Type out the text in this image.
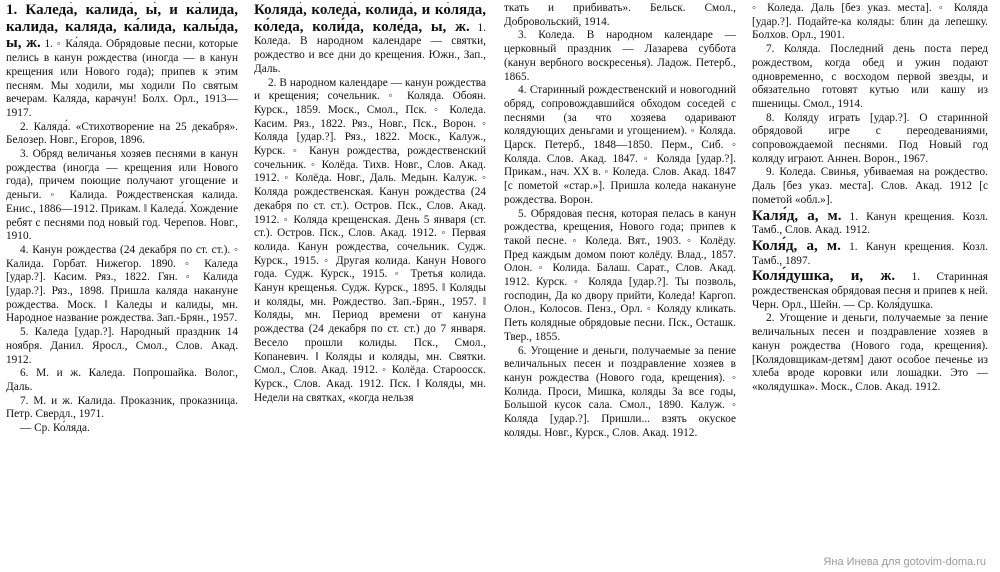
1. Каледа́, калида́, ы́, и ка́лида, калида, каляда, ка́лида, калы́да, ы, ж. 1. ◦ Ка́ляда. Обрядовые песни, которые пелись в канун рождества (иногда — в канун крещения или Нового года); припев к этим песням. Мы ходили, мы ходили По святым вечерам. Каляда, карачун! Болх. Орл., 1913—1917.

2. Каляда́. «Стихотворение на 25 декабря». Белозер. Новг., Егоров, 1896.

3. Обряд величанья хозяев песнями в канун рождества (иногда — крещения или Нового года), причем поющие получают угощение и деньги. ◦ Калида. Рождественская калида. Енис., 1886—1912. Прикам. ‖ Каледа́. Хождение ребят с песнями под новый год. Черепов. Новг., 1910.

4. Канун рождества (24 декабря по ст. ст.). ◦ Калида. Горбат. Нижегор. 1890. ◦ Каледа [удар.?]. Касим. Ряз., 1822. Гян. ◦ Калида [удар.?]. Ряз., 1898. Пришла каляда накануне рождества. Моск. ‖ Каледы и калиды, мн. Народное название рождества. Зап.-Брян., 1957.

5. Каледа [удар.?]. Народный праздник 14 ноября. Данил. Яросл., Смол., Слов. Акад. 1912.

6. М. и ж. Каледа. Попрошайка. Волог., Даль.

7. М. и ж. Калида. Проказник, проказница. Петр. Свердл., 1971.

— Ср. Ко́ляда.

Коляда́, коледа́, колида́, и ко́ляда, ко́леда, коли́да, коле́да, ы, ж. 1. Коледа. В народном календаре — святки, рождество и все дни до крещения. Южн., Зап., Даль.

2. В народном календаре — канун рождества и крещения; сочельник. ◦ Коляда. Обоян. Курск., 1859. Моск., Смол., Пск. ◦ Коледа. Касим. Ряз., 1822. Ряз., Новг., Пск., Ворон. ◦ Коляда [удар.?]. Ряз., 1822. Моск., Калуж., Курск. ◦ Канун рождества, рождественский сочельник. ◦ Колёда. Тихв. Новг., Слов. Акад. 1912. ◦ Колёда. Новг., Даль. Медын. Калуж. ◦ Коляда рождественская. Канун рождества (24 декабря по ст. ст.). Остров. Пск., Слов. Акад. 1912. ◦ Коляда крещенская. День 5 января (ст. ст.). Остров. Пск., Слов. Акад. 1912. ◦ Первая колида. Канун рождества, сочельник. Судж. Курск., 1915. ◦ Другая колида. Канун Нового года. Судж. Курск., 1915. ◦ Третья колида. Канун крещенья. Судж. Курск., 1895. ‖ Коляды и коляды, мн. Рождество. Зап.-Брян., 1957. ‖ Коляды, мн. Период времени от кануна рождества (24 декабря по ст. ст.) до 7 января. Весело прошли колиды. Пск., Смол., Копаневич. ‖ Коляды и коляды, мн. Святки. Смол., Слов. Акад. 1912. ◦ Колёда. Староосск. Курск., Слов. Акад. 1912. Пск. ‖ Коляды, мн. Недели на святках, «когда нельзя

ткать и прибивать». Бельск. Смол., Добровольский, 1914.

3. Коледа. В народном календаре — церковный праздник — Лазарева суббота (канун вербного воскресенья). Ладож. Петерб., 1865.

4. Старинный рождественский и новогодний обряд, сопровождавшийся обходом соседей с песнями (за что хозяева одаривают колядующих деньгами и угощением). ◦ Коляда. Царск. Петерб., 1848—1850. Перм., Сиб. ◦ Коляда. Слов. Акад. 1847. ◦ Коляда [удар.?]. Прикам., нач. XX в. ◦ Коледа. Слов. Акад. 1847 [с пометой «стар.»]. Пришла коледа накануне рождества. Ворон.

5. Обрядовая песня, которая пелась в канун рождества, крещения, Нового года; припев к такой песне. ◦ Коледа. Вят., 1903. ◦ Колёду. Пред каждым домом поют колёду. Влад., 1857. Олон. ◦ Колида. Балаш. Сарат., Слов. Акад. 1912. Курск. ◦ Коляда [удар.?]. Ты позволь, господин, Да ко двору прийти, Коледа! Каргоп. Олон., Колосов. Пенз., Орл. ◦ Коляду кликать. Петь колядные обрядовые песни. Пск., Осташк. Твер., 1855.

6. Угощение и деньги, получаемые за пение величальных песен и поздравление хозяев в канун рождества (Нового года, крещения). ◦ Колида. Проси, Мишка, коляды За все годы, Большой кусок сала. Смол., 1890. Калуж. ◦ Коляда [удар.?]. Пришли... взять окуское коляды. Новг., Курск., Слов. Акад. 1912.

◦ Коледа. Даль [без указ. места]. ◦ Коляда [удар.?]. Подайте-ка коляды: блин да лепешку. Болхов. Орл., 1901.

7. Коляда. Последний день поста перед рождеством, когда обед и ужин подают одновременно, с восходом первой звезды, и обязательно готовят кутью или кашу из пшеницы. Смол., 1914.

8. Коляду играть [удар.?]. О старинной обрядовой игре с переодеваниями, сопровождаемой песнями. Под Новый год коляду играют. Аннен. Ворон., 1967.

9. Коледа. Свинья, убиваемая на рождество. Даль [без указ. места]. Слов. Акад. 1912 [с пометой «обл.»].

Каля́д, а, м. 1. Канун крещения. Козл. Тамб., Слов. Акад. 1912.

Коля́д, а, м. 1. Канун крещения. Козл. Тамб., 1897.

Коля́душка, и, ж. 1. Старинная рождественская обрядовая песня и припев к ней. Черн. Орл., Шейн. — Ср. Коля́душка.

2. Угощение и деньги, получаемые за пение величальных песен и поздравление хозяев в канун рождества (Нового года, крещения). [Колядовщикам-детям] дают особое печенье из хлеба вроде коровки или лошадки. Это — «колядушка». Моск., Слов. Акад. 1912.

Яна Инева для gotovim-doma.ru
